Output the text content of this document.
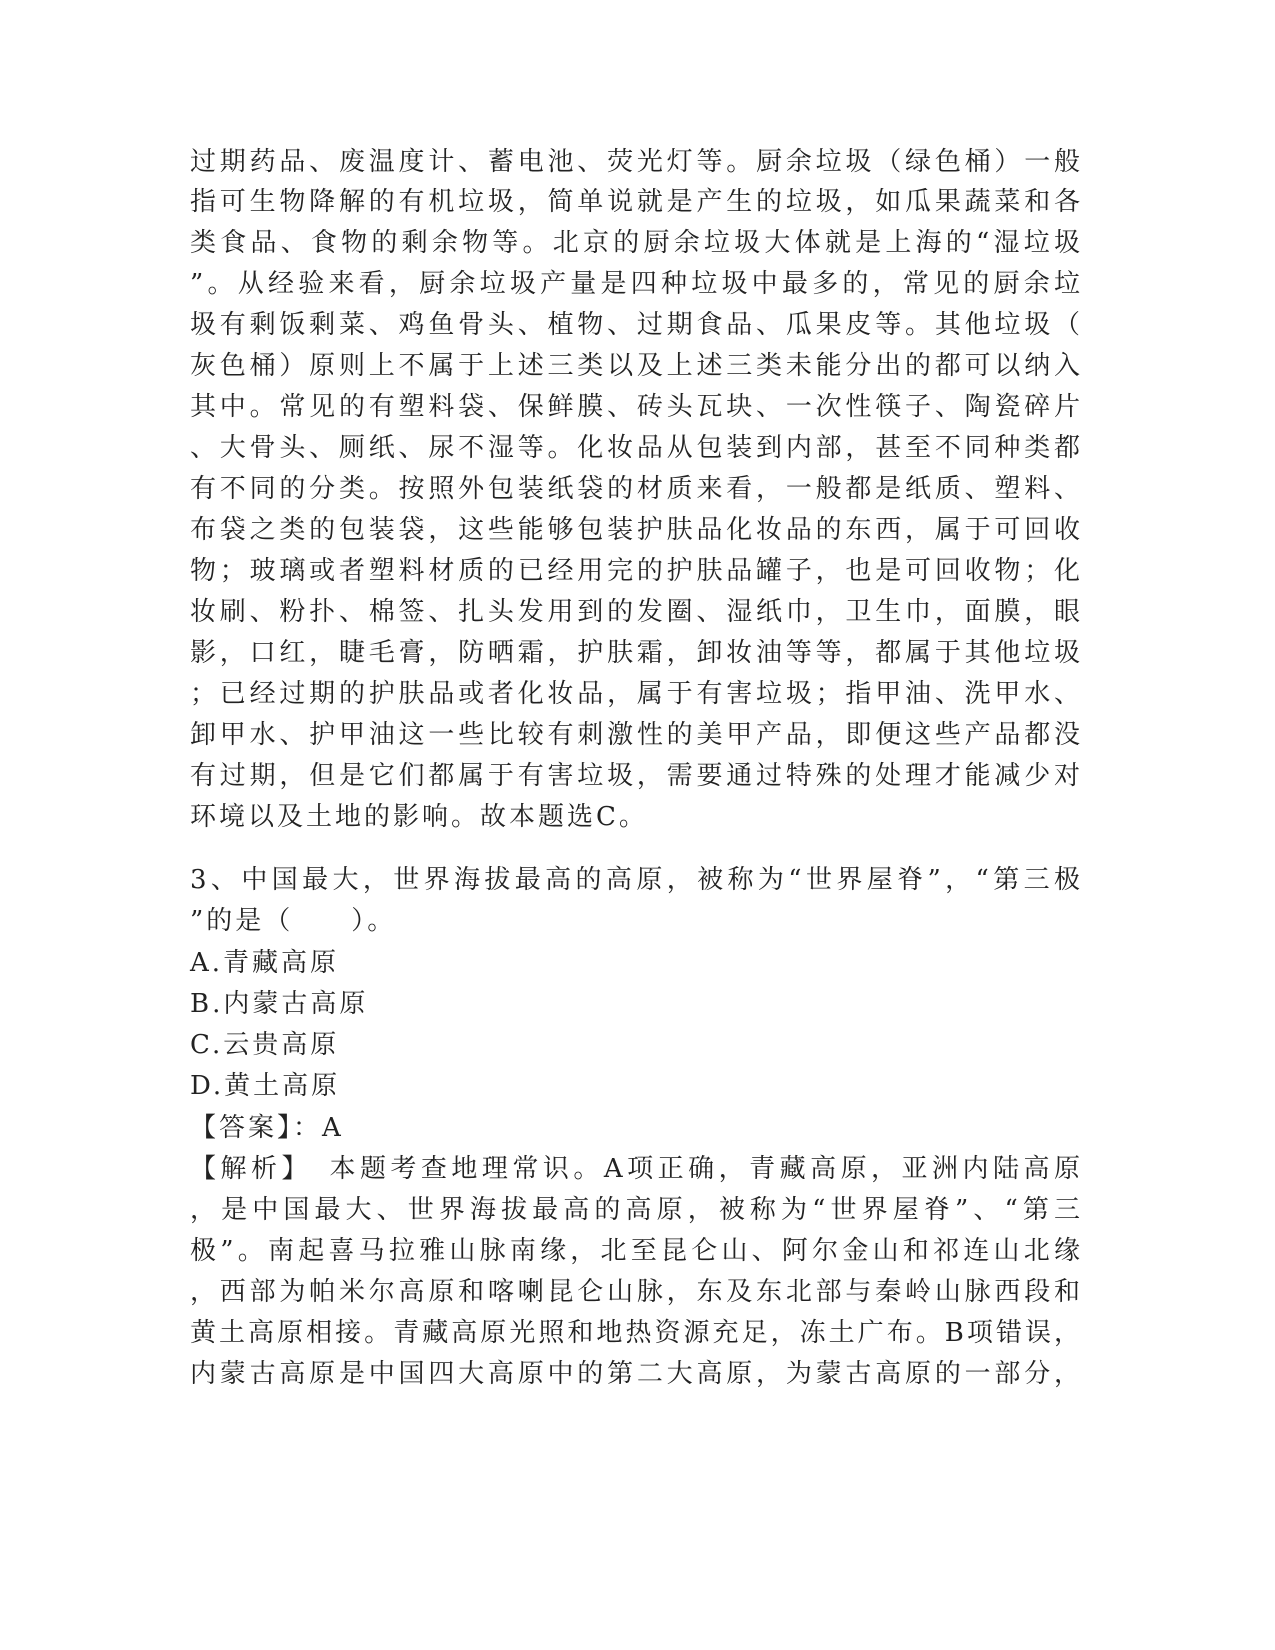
过期药品、废温度计、蓄电池、荧光灯等。厨余垃圾（绿色桶）一般
指可生物降解的有机垃圾，简单说就是产生的垃圾，如瓜果蔬菜和各
类食品、食物的剩余物等。北京的厨余垃圾大体就是上海的“湿垃圾
”。从经验来看，厨余垃圾产量是四种垃圾中最多的，常见的厨余垃
圾有剩饭剩菜、鸡鱼骨头、植物、过期食品、瓜果皮等。其他垃圾（
灰色桶）原则上不属于上述三类以及上述三类未能分出的都可以纳入
其中。常见的有塑料袋、保鲜膜、砖头瓦块、一次性筷子、陶瓷碎片
、大骨头、厕纸、尿不湿等。化妆品从包装到内部，甚至不同种类都
有不同的分类。按照外包装纸袋的材质来看，一般都是纸质、塑料、
布袋之类的包装袋，这些能够包装护肤品化妆品的东西，属于可回收
物；玻璃或者塑料材质的已经用完的护肤品罐子，也是可回收物；化
妆刷、粉扑、棉签、扎头发用到的发圈、湿纸巾，卫生巾，面膜，眼
影，口红，睫毛膏，防晒霜，护肤霜，卸妆油等等，都属于其他垃圾
；已经过期的护肤品或者化妆品，属于有害垃圾；指甲油、洗甲水、
卸甲水、护甲油这一些比较有刺激性的美甲产品，即便这些产品都没
有过期，但是它们都属于有害垃圾，需要通过特殊的处理才能减少对
环境以及土地的影响。故本题选C。
3、中国最大，世界海拔最高的高原，被称为“世界屋脊”，“第三极
”的是（　　）。
A.青藏高原
B.内蒙古高原
C.云贵高原
D.黄土高原
【答案】：A
【解析】　本题考查地理常识。A项正确，青藏高原，亚洲内陆高原
，是中国最大、世界海拔最高的高原，被称为“世界屋脊”、“第三
极”。南起喜马拉雅山脉南缘，北至昆仑山、阿尔金山和祁连山北缘
，西部为帕米尔高原和喀喇昆仑山脉，东及东北部与秦岭山脉西段和
黄土高原相接。青藏高原光照和地热资源充足，冻土广布。B项错误，
内蒙古高原是中国四大高原中的第二大高原，为蒙古高原的一部分，
